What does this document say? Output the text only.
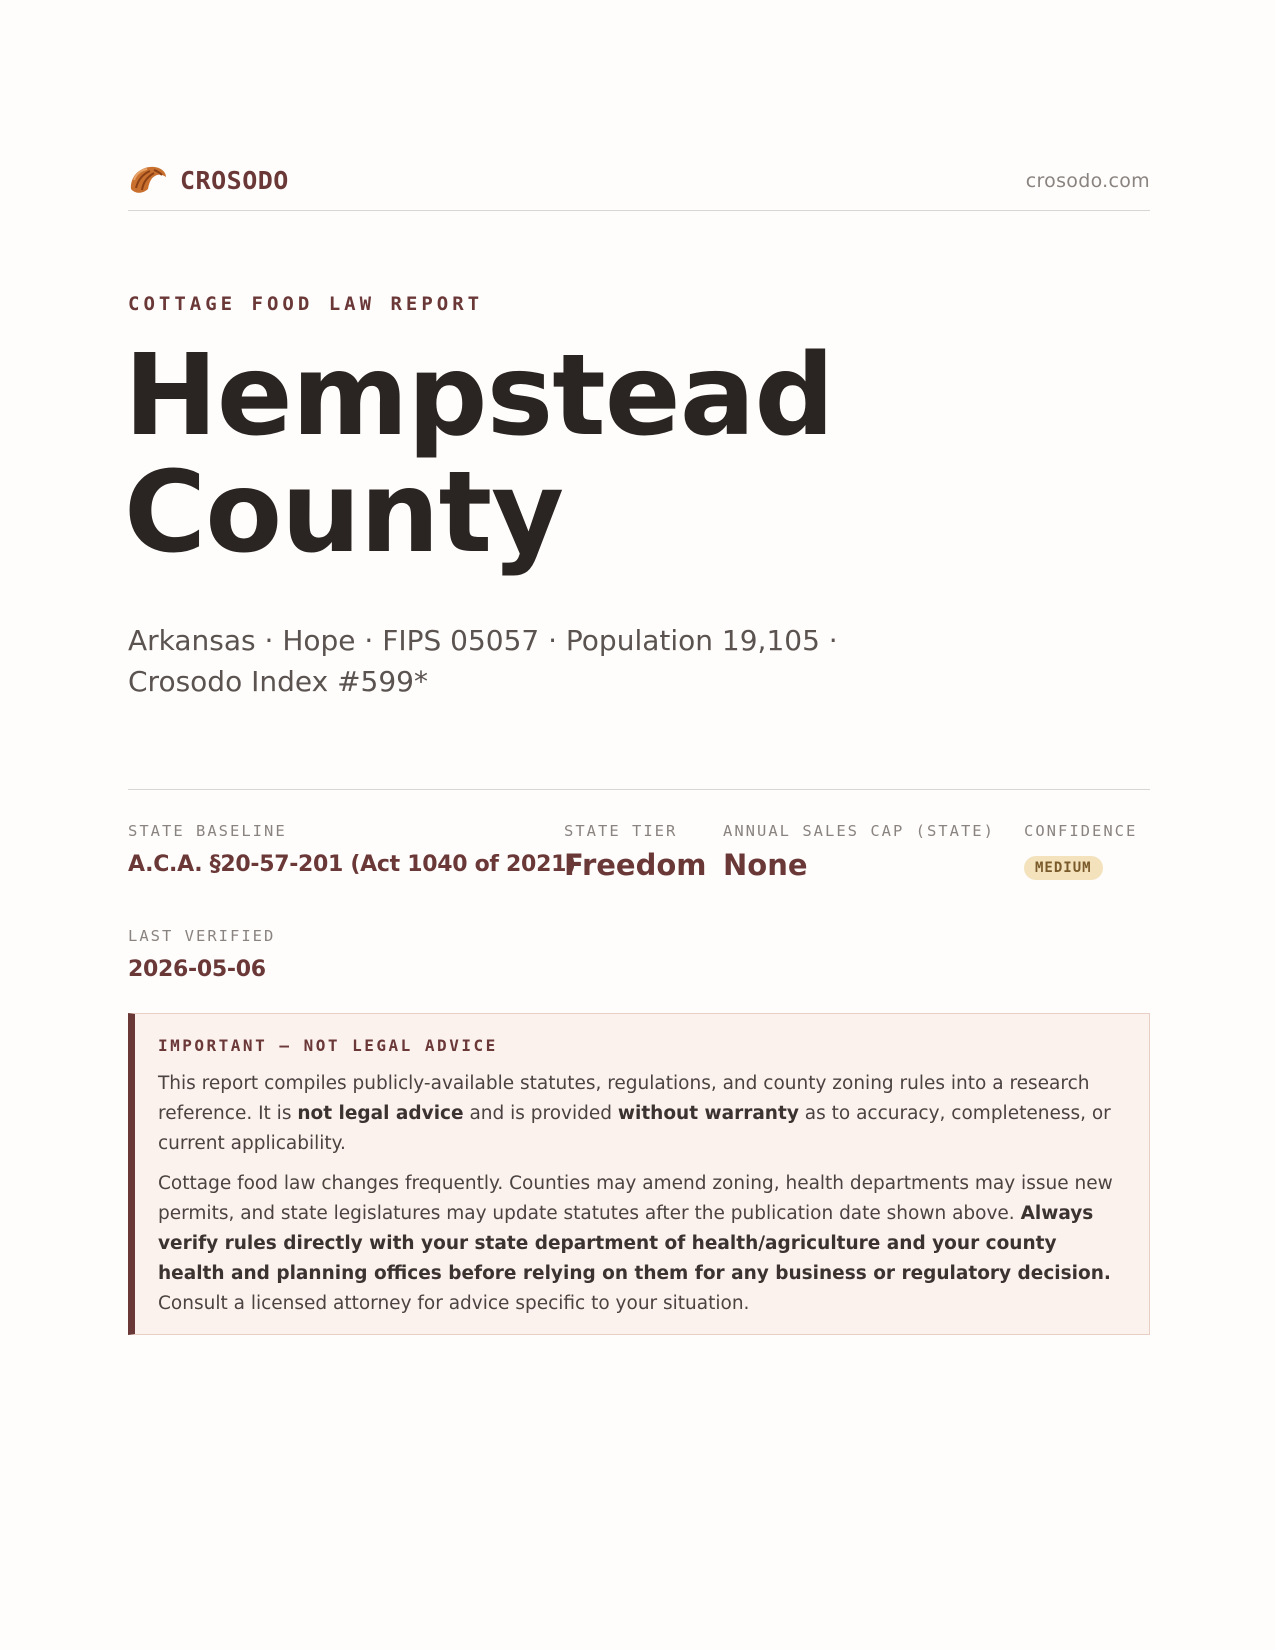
CROSODO	crosodo.com
COTTAGE FOOD LAW REPORT
Hempstead
County
Arkansas · Hope · FIPS 05057 · Population 19,105 · Crosodo Index #599*
STATE BASELINE
A.C.A. §20-57-201 (Act 1040 of 2021)
STATE TIER
Freedom
ANNUAL SALES CAP (STATE)
None
CONFIDENCE
MEDIUM
LAST VERIFIED
2026-05-06
IMPORTANT — NOT LEGAL ADVICE

This report compiles publicly-available statutes, regulations, and county zoning rules into a research reference. It is not legal advice and is provided without warranty as to accuracy, completeness, or current applicability.

Cottage food law changes frequently. Counties may amend zoning, health departments may issue new permits, and state legislatures may update statutes after the publication date shown above. Always verify rules directly with your state department of health/agriculture and your county health and planning offices before relying on them for any business or regulatory decision. Consult a licensed attorney for advice specific to your situation.
